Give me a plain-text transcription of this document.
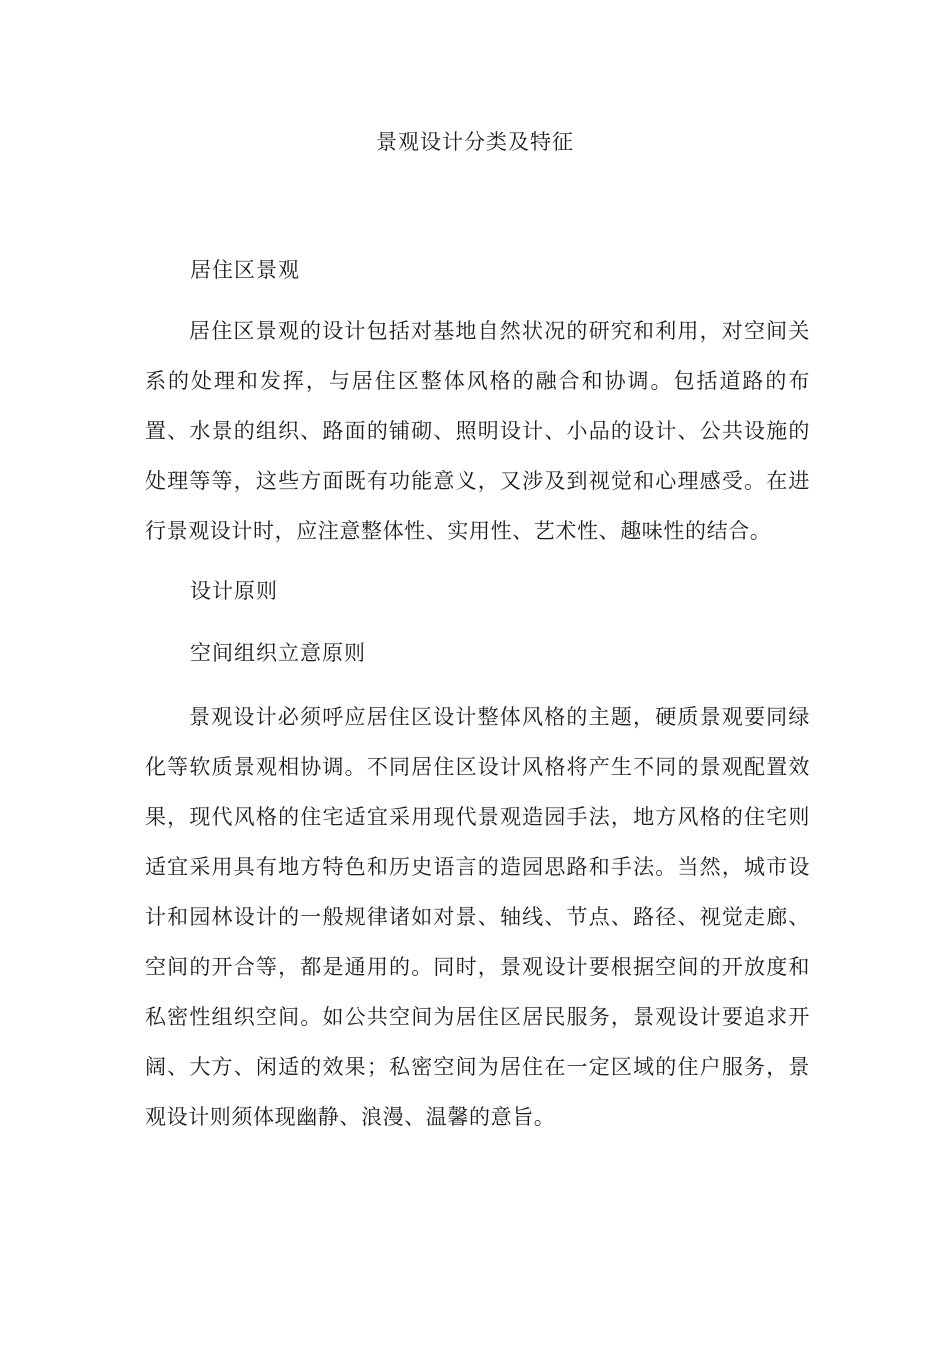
景观设计分类及特征
居住区景观

居住区景观的设计包括对基地自然状况的研究和利用，对空间关系的处理和发挥，与居住区整体风格的融合和协调。包括道路的布置、水景的组织、路面的铺砌、照明设计、小品的设计、公共设施的处理等等，这些方面既有功能意义，又涉及到视觉和心理感受。在进行景观设计时，应注意整体性、实用性、艺术性、趣味性的结合。

设计原则
空间组织立意原则

景观设计必须呼应居住区设计整体风格的主题，硬质景观要同绿化等软质景观相协调。不同居住区设计风格将产生不同的景观配置效果，现代风格的住宅适宜采用现代景观造园手法，地方风格的住宅则适宜采用具有地方特色和历史语言的造园思路和手法。当然，城市设计和园林设计的一般规律诸如对景、轴线、节点、路径、视觉走廊、空间的开合等，都是通用的。同时，景观设计要根据空间的开放度和私密性组织空间。如公共空间为居住区居民服务，景观设计要追求开阔、大方、闲适的效果；私密空间为居住在一定区域的住户服务，景观设计则须体现幽静、浪漫、温馨的意旨。
